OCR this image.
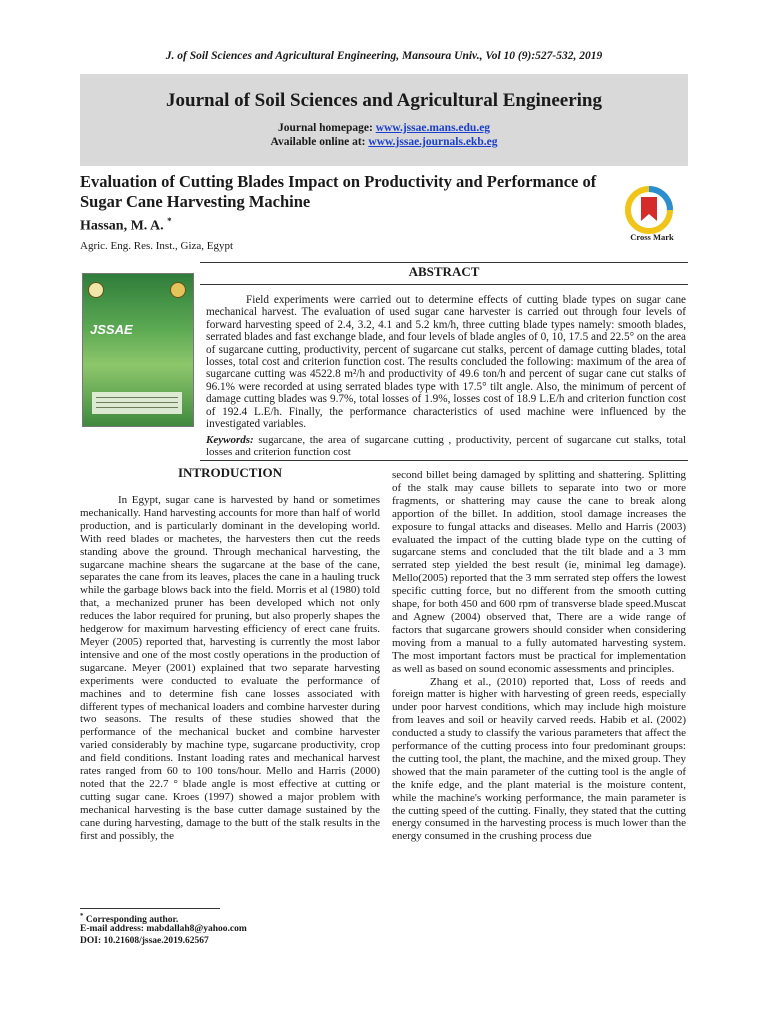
J. of Soil Sciences and Agricultural Engineering, Mansoura Univ., Vol 10 (9):527-532, 2019
Journal of Soil Sciences and Agricultural Engineering
Journal homepage: www.jssae.mans.edu.eg
Available online at: www.jssae.journals.ekb.eg
Evaluation of Cutting Blades Impact on Productivity and Performance of Sugar Cane Harvesting Machine
Hassan, M. A. *
Agric. Eng. Res. Inst., Giza, Egypt
Cross Mark
JSSAE
ABSTRACT
Field experiments were carried out to determine effects of cutting blade types on sugar cane mechanical harvest. The evaluation of used sugar cane harvester is carried out through four levels of forward harvesting speed of 2.4, 3.2, 4.1 and 5.2 km/h, three cutting blade types namely: smooth blades, serrated blades and fast exchange blade, and four levels of blade angles of 0, 10, 17.5 and 22.5° on the area of sugarcane cutting, productivity, percent of sugarcane cut stalks, percent of damage cutting blades, total losses, total cost and criterion function cost. The results concluded the following: maximum of the area of sugarcane cutting was 4522.8 m²/h and productivity of 49.6 ton/h and percent of sugar cane cut stalks of 96.1% were recorded at using serrated blades type with 17.5° tilt angle. Also, the minimum of percent of damage cutting blades was 9.7%, total losses of 1.9%, losses cost of 18.9 L.E/h and criterion function cost of 192.4 L.E/h. Finally, the performance characteristics of used machine were influenced by the investigated variables.
Keywords: sugarcane, the area of sugarcane cutting , productivity, percent of sugarcane cut stalks, total losses and criterion function cost
INTRODUCTION

In Egypt, sugar cane is harvested by hand or sometimes mechanically. Hand harvesting accounts for more than half of world production, and is particularly dominant in the developing world. With reed blades or machetes, the harvesters then cut the reeds standing above the ground. Through mechanical harvesting, the sugarcane machine shears the sugarcane at the base of the cane, separates the cane from its leaves, places the cane in a hauling truck while the garbage blows back into the field. Morris et al (1980) told that, a mechanized pruner has been developed which not only reduces the labor required for pruning, but also properly shapes the hedgerow for maximum harvesting efficiency of erect cane fruits. Meyer (2005) reported that, harvesting is currently the most labor intensive and one of the most costly operations in the production of sugarcane. Meyer (2001) explained that two separate harvesting experiments were conducted to evaluate the performance of machines and to determine fish cane losses associated with different types of mechanical loaders and combine harvester during two seasons. The results of these studies showed that the performance of the mechanical bucket and combine harvester varied considerably by machine type, sugarcane productivity, crop and field conditions. Instant loading rates and mechanical harvest rates ranged from 60 to 100 tons/hour. Mello and Harris (2000) noted that the 22.7 ° blade angle is most effective at cutting or cutting sugar cane. Kroes (1997) showed a major problem with mechanical harvesting is the base cutter damage sustained by the cane during harvesting, damage to the butt of the stalk results in the first and possibly, the

second billet being damaged by splitting and shattering. Splitting of the stalk may cause billets to separate into two or more fragments, or shattering may cause the cane to break along apportion of the billet. In addition, stool damage increases the exposure to fungal attacks and diseases. Mello and Harris (2003) evaluated the impact of the cutting blade type on the cutting of sugarcane stems and concluded that the tilt blade and a 3 mm serrated step yielded the best result (ie, minimal leg damage). Mello(2005) reported that the 3 mm serrated step offers the lowest specific cutting force, but no different from the smooth cutting shape, for both 450 and 600 rpm of transverse blade speed.Muscat and Agnew (2004) observed that, There are a wide range of factors that sugarcane growers should consider when considering moving from a manual to a fully automated harvesting system. The most important factors must be practical for implementation as well as based on sound economic assessments and principles.

Zhang et al., (2010) reported that, Loss of reeds and foreign matter is higher with harvesting of green reeds, especially under poor harvest conditions, which may include high moisture from leaves and soil or heavily carved reeds. Habib et al. (2002) conducted a study to classify the various parameters that affect the performance of the cutting process into four predominant groups: the cutting tool, the plant, the machine, and the mixed group. They showed that the main parameter of the cutting tool is the angle of the knife edge, and the plant material is the moisture content, while the machine's working performance, the main parameter is the cutting speed of the cutting. Finally, they stated that the cutting energy consumed in the harvesting process is much lower than the energy consumed in the crushing process due

* Corresponding author.
E-mail address: mabdallah8@yahoo.com
DOI: 10.21608/jssae.2019.62567
